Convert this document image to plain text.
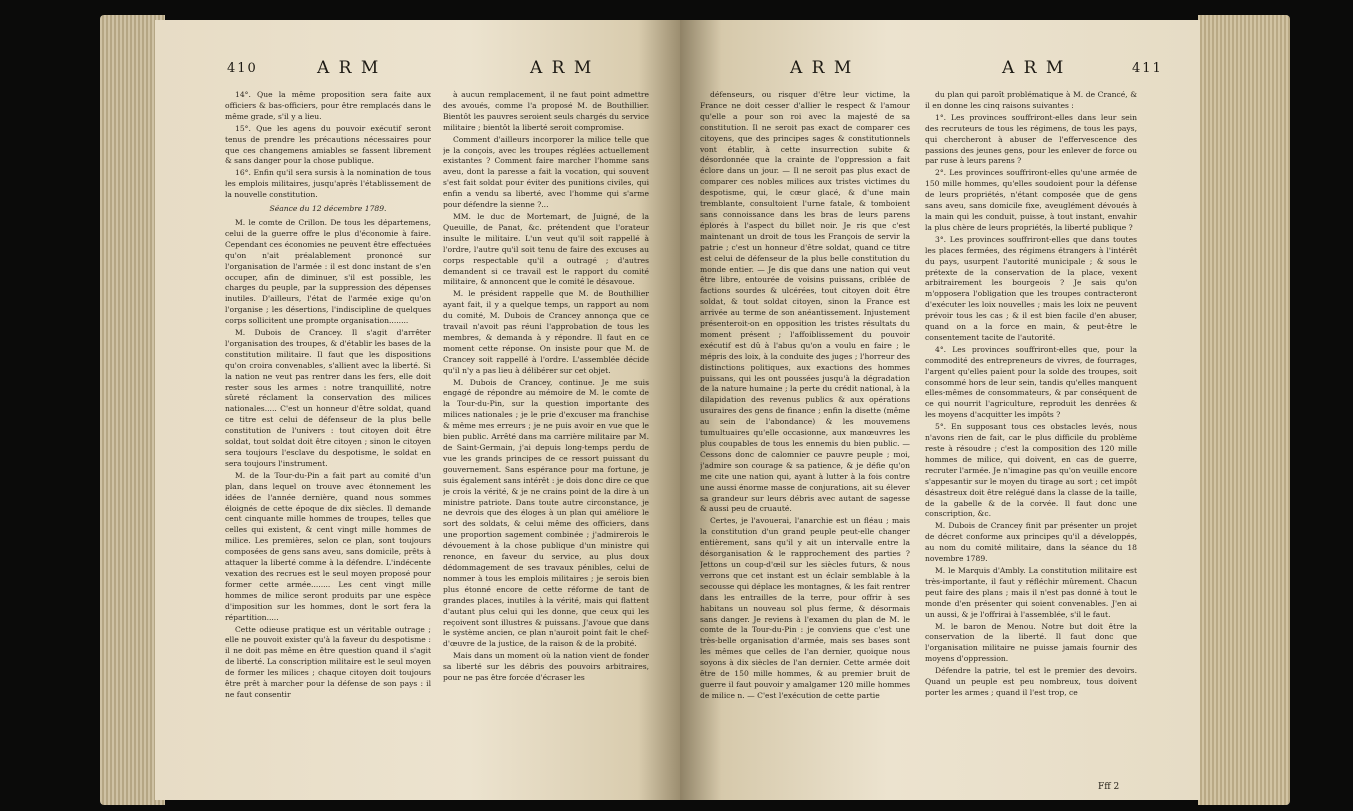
410	A R M	A R M

14°. Que la même proposition sera faite aux officiers & bas-officiers, pour être remplacés dans le même grade, s'il y a lieu.

15°. Que les agens du pouvoir exécutif seront tenus de prendre les précautions nécessaires pour que ces changemens amiables se fassent librement & sans danger pour la chose publique.

16°. Enfin qu'il sera sursis à la nomination de tous les emplois militaires, jusqu'après l'établissement de la nouvelle constitution.

Séance du 12 décembre 1789.

M. le comte de Crillon. De tous les départemens, celui de la guerre offre le plus d'économie à faire. Cependant ces économies ne peuvent être effectuées qu'on n'ait préalablement prononcé sur l'organisation de l'armée : il est donc instant de s'en occuper, afin de diminuer, s'il est possible, les charges du peuple, par la suppression des dépenses inutiles. D'ailleurs, l'état de l'armée exige qu'on l'organise ; les désertions, l'indiscipline de quelques corps sollicitent une prompte organisation........

M. Dubois de Crancey. Il s'agit d'arrêter l'organisation des troupes, & d'établir les bases de la constitution militaire. Il faut que les dispositions qu'on croira convenables, s'allient avec la liberté. Si la nation ne veut pas rentrer dans les fers, elle doit rester sous les armes : notre tranquillité, notre sûreté réclament la conservation des milices nationales..... C'est un honneur d'être soldat, quand ce titre est celui de défenseur de la plus belle constitution de l'univers : tout citoyen doit être soldat, tout soldat doit être citoyen ; sinon le citoyen sera toujours l'esclave du despotisme, le soldat en sera toujours l'instrument.

M. de la Tour-du-Pin a fait part au comité d'un plan, dans lequel on trouve avec étonnement les idées de l'année dernière, quand nous sommes éloignés de cette époque de dix siècles. Il demande cent cinquante mille hommes de troupes, telles que celles qui existent, & cent vingt mille hommes de milice. Les premières, selon ce plan, sont toujours composées de gens sans aveu, sans domicile, prêts à attaquer la liberté comme à la défendre. L'indécente vexation des recrues est le seul moyen proposé pour former cette armée........ Les cent vingt mille hommes de milice seront produits par une espèce d'imposition sur les hommes, dont le sort fera la répartition.....

Cette odieuse pratique est un véritable outrage ; elle ne pouvoit exister qu'à la faveur du despotisme : il ne doit pas même en être question quand il s'agit de liberté. La conscription militaire est le seul moyen de former les milices ; chaque citoyen doit toujours être prêt à marcher pour la défense de son pays : il ne faut consentir

à aucun remplacement, il ne faut point admettre des avoués, comme l'a proposé M. de Bouthillier. Bientôt les pauvres seroient seuls chargés du service militaire ; bientôt la liberté seroit compromise.

Comment d'ailleurs incorporer la milice telle que je la conçois, avec les troupes réglées actuellement existantes ? Comment faire marcher l'homme sans aveu, dont la paresse a fait la vocation, qui souvent s'est fait soldat pour éviter des punitions civiles, qui enfin a vendu sa liberté, avec l'homme qui s'arme pour défendre la sienne ?...

MM. le duc de Mortemart, de Juigné, de la Queuille, de Panat, &c. prétendent que l'orateur insulte le militaire. L'un veut qu'il soit rappellé à l'ordre, l'autre qu'il soit tenu de faire des excuses au corps respectable qu'il a outragé ; d'autres demandent si ce travail est le rapport du comité militaire, & annoncent que le comité le désavoue.

M. le président rappelle que M. de Bouthillier ayant fait, il y a quelque temps, un rapport au nom du comité, M. Dubois de Crancey annonça que ce travail n'avoit pas réuni l'approbation de tous les membres, & demanda à y répondre. Il faut en ce moment cette réponse. On insiste pour que M. de Crancey soit rappellé à l'ordre. L'assemblée décide qu'il n'y a pas lieu à délibérer sur cet objet.

M. Dubois de Crancey, continue. Je me suis engagé de répondre au mémoire de M. le comte de la Tour-du-Pin, sur la question importante des milices nationales ; je le prie d'excuser ma franchise & même mes erreurs ; je ne puis avoir en vue que le bien public. Arrêté dans ma carrière militaire par M. de Saint-Germain, j'ai depuis long-temps perdu de vue les grands principes de ce ressort puissant du gouvernement. Sans espérance pour ma fortune, je suis également sans intérêt : je dois donc dire ce que je crois la vérité, & je ne crains point de la dire à un ministre patriote. Dans toute autre circonstance, je ne devrois que des éloges à un plan qui améliore le sort des soldats, & celui même des officiers, dans une proportion sagement combinée ; j'admirerois le dévouement à la chose publique d'un ministre qui renonce, en faveur du service, au plus doux dédommagement de ses travaux pénibles, celui de nommer à tous les emplois militaires ; je serois bien plus étonné encore de cette réforme de tant de grandes places, inutiles à la vérité, mais qui flattent d'autant plus celui qui les donne, que ceux qui les reçoivent sont illustres & puissans. J'avoue que dans le système ancien, ce plan n'auroit point fait le chef-d'œuvre de la justice, de la raison & de la probité.

Mais dans un moment où la nation vient de fonder sa liberté sur les débris des pouvoirs arbitraires, pour ne pas être forcée d'écraser les

A R M	A R M	411

défenseurs, ou risquer d'être leur victime, la France ne doit cesser d'allier le respect & l'amour qu'elle a pour son roi avec la majesté de sa constitution. Il ne seroit pas exact de comparer ces citoyens, que des principes sages & constitutionnels vont établir, à cette insurrection subite & désordonnée que la crainte de l'oppression a fait éclore dans un jour. — Il ne seroit pas plus exact de comparer ces nobles milices aux tristes victimes du despotisme, qui, le cœur glacé, & d'une main tremblante, consultoient l'urne fatale, & tomboient sans connoissance dans les bras de leurs parens éplorés à l'aspect du billet noir. Je ris que c'est maintenant un droit de tous les François de servir la patrie ; c'est un honneur d'être soldat, quand ce titre est celui de défenseur de la plus belle constitution du monde entier. — Je dis que dans une nation qui veut être libre, entourée de voisins puissans, criblée de factions sourdes & ulcérées, tout citoyen doit être soldat, & tout soldat citoyen, sinon la France est arrivée au terme de son anéantissement. Injustement présenteroit-on en opposition les tristes résultats du moment présent ; l'affoiblissement du pouvoir exécutif est dû à l'abus qu'on a voulu en faire ; le mépris des loix, à la conduite des juges ; l'horreur des distinctions politiques, aux exactions des hommes puissans, qui les ont poussées jusqu'à la dégradation de la nature humaine ; la perte du crédit national, à la dilapidation des revenus publics & aux opérations usuraires des gens de finance ; enfin la disette (même au sein de l'abondance) & les mouvemens tumultuaires qu'elle occasionne, aux manœuvres les plus coupables de tous les ennemis du bien public. — Cessons donc de calomnier ce pauvre peuple ; moi, j'admire son courage & sa patience, & je défie qu'on me cite une nation qui, ayant à lutter à la fois contre une aussi énorme masse de conjurations, ait su élever sa grandeur sur leurs débris avec autant de sagesse & aussi peu de cruauté.

Certes, je l'avouerai, l'anarchie est un fléau ; mais la constitution d'un grand peuple peut-elle changer entièrement, sans qu'il y ait un intervalle entre la désorganisation & le rapprochement des parties ? Jettons un coup-d'œil sur les siècles futurs, & nous verrons que cet instant est un éclair semblable à la secousse qui déplace les montagnes, & les fait rentrer dans les entrailles de la terre, pour offrir à ses habitans un nouveau sol plus ferme, & désormais sans danger. Je reviens à l'examen du plan de M. le comte de la Tour-du-Pin : je conviens que c'est une très-belle organisation d'armée, mais ses bases sont les mêmes que celles de l'an dernier, quoique nous soyons à dix siècles de l'an dernier. Cette armée doit être de 150 mille hommes, & au premier bruit de guerre il faut pouvoir y amalgamer 120 mille hommes de milice n. — C'est l'exécution de cette partie

du plan qui paroît problématique à M. de Crancé, & il en donne les cinq raisons suivantes :

1°. Les provinces souffriront-elles dans leur sein des recruteurs de tous les régimens, de tous les pays, qui chercheront à abuser de l'effervescence des passions des jeunes gens, pour les enlever de force ou par ruse à leurs parens ?

2°. Les provinces souffriront-elles qu'une armée de 150 mille hommes, qu'elles soudoient pour la défense de leurs propriétés, n'étant composée que de gens sans aveu, sans domicile fixe, aveuglément dévoués à la main qui les conduit, puisse, à tout instant, envahir la plus chère de leurs propriétés, la liberté publique ?

3°. Les provinces souffriront-elles que dans toutes les places fermées, des régimens étrangers à l'intérêt du pays, usurpent l'autorité municipale ; & sous le prétexte de la conservation de la place, vexent arbitrairement les bourgeois ? Je sais qu'on m'opposera l'obligation que les troupes contracteront d'exécuter les loix nouvelles ; mais les loix ne peuvent prévoir tous les cas ; & il est bien facile d'en abuser, quand on a la force en main, & peut-être le consentement tacite de l'autorité.

4°. Les provinces souffriront-elles que, pour la commodité des entrepreneurs de vivres, de fourrages, l'argent qu'elles paient pour la solde des troupes, soit consommé hors de leur sein, tandis qu'elles manquent elles-mêmes de consommateurs, & par conséquent de ce qui nourrit l'agriculture, reproduit les denrées & les moyens d'acquitter les impôts ?

5°. En supposant tous ces obstacles levés, nous n'avons rien de fait, car le plus difficile du problème reste à résoudre ; c'est la composition des 120 mille hommes de milice, qui doivent, en cas de guerre, recruter l'armée. Je n'imagine pas qu'on veuille encore s'appesantir sur le moyen du tirage au sort ; cet impôt désastreux doit être relégué dans la classe de la taille, de la gabelle & de la corvée. Il faut donc une conscription, &c.

M. Dubois de Crancey finit par présenter un projet de décret conforme aux principes qu'il a développés, au nom du comité militaire, dans la séance du 18 novembre 1789.

M. le Marquis d'Ambly. La constitution militaire est très-importante, il faut y réfléchir mûrement. Chacun peut faire des plans ; mais il n'est pas donné à tout le monde d'en présenter qui soient convenables. J'en ai un aussi, & je l'offrirai à l'assemblée, s'il le faut.

M. le baron de Menou. Notre but doit être la conservation de la liberté. Il faut donc que l'organisation militaire ne puisse jamais fournir des moyens d'oppression.

Défendre la patrie, tel est le premier des devoirs. Quand un peuple est peu nombreux, tous doivent porter les armes ; quand il l'est trop, ce

Fff 2
